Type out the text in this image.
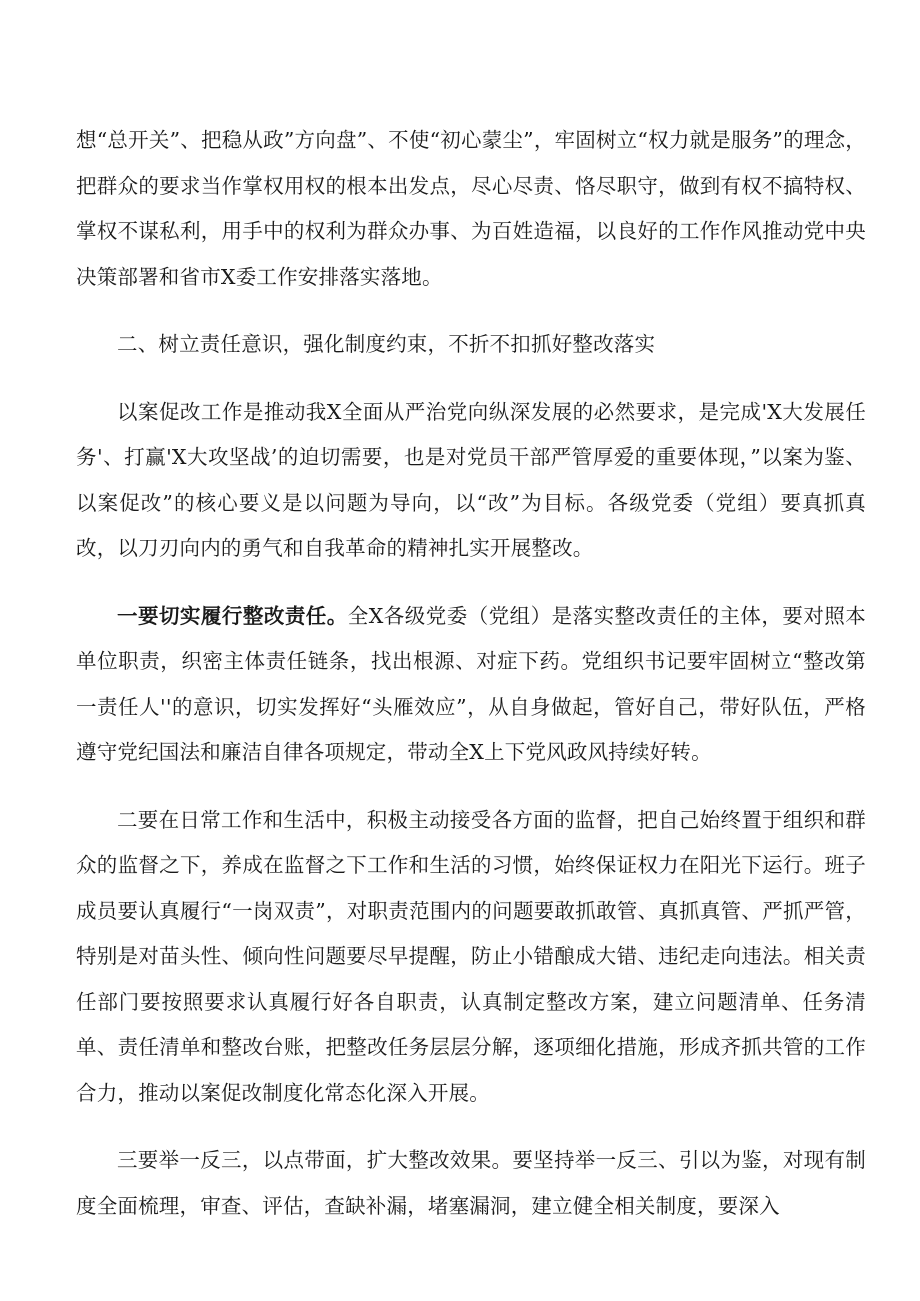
想“总开关”、把稳从政”方向盘”、不使“初心蒙尘”，牢固树立“权力就是服务”的理念，把群众的要求当作掌权用权的根本出发点，尽心尽责、恪尽职守，做到有权不搞特权、掌权不谋私利，用手中的权利为群众办事、为百姓造福，以良好的工作作风推动党中央决策部署和省市X委工作安排落实落地。

二、树立责任意识，强化制度约束，不折不扣抓好整改落实

以案促改工作是推动我X全面从严治党向纵深发展的必然要求，是完成'X大发展任务'、打赢'X大攻坚战’的迫切需要，也是对党员干部严管厚爱的重要体现，”以案为鉴、以案促改”的核心要义是以问题为导向，以“改”为目标。各级党委（党组）要真抓真改，以刀刃向内的勇气和自我革命的精神扎实开展整改。

一要切实履行整改责任。全X各级党委（党组）是落实整改责任的主体，要对照本单位职责，织密主体责任链条，找出根源、对症下药。党组织书记要牢固树立“整改第一责任人''的意识，切实发挥好“头雁效应”，从自身做起，管好自己，带好队伍，严格遵守党纪国法和廉洁自律各项规定，带动全X上下党风政风持续好转。

二要在日常工作和生活中，积极主动接受各方面的监督，把自己始终置于组织和群众的监督之下，养成在监督之下工作和生活的习惯，始终保证权力在阳光下运行。班子成员要认真履行“一岗双责”，对职责范围内的问题要敢抓敢管、真抓真管、严抓严管，特别是对苗头性、倾向性问题要尽早提醒，防止小错酿成大错、违纪走向违法。相关责任部门要按照要求认真履行好各自职责，认真制定整改方案，建立问题清单、任务清单、责任清单和整改台账，把整改任务层层分解，逐项细化措施，形成齐抓共管的工作合力，推动以案促改制度化常态化深入开展。

三要举一反三，以点带面，扩大整改效果。要坚持举一反三、引以为鉴，对现有制度全面梳理，审查、评估，查缺补漏，堵塞漏洞，建立健全相关制度，要深入
